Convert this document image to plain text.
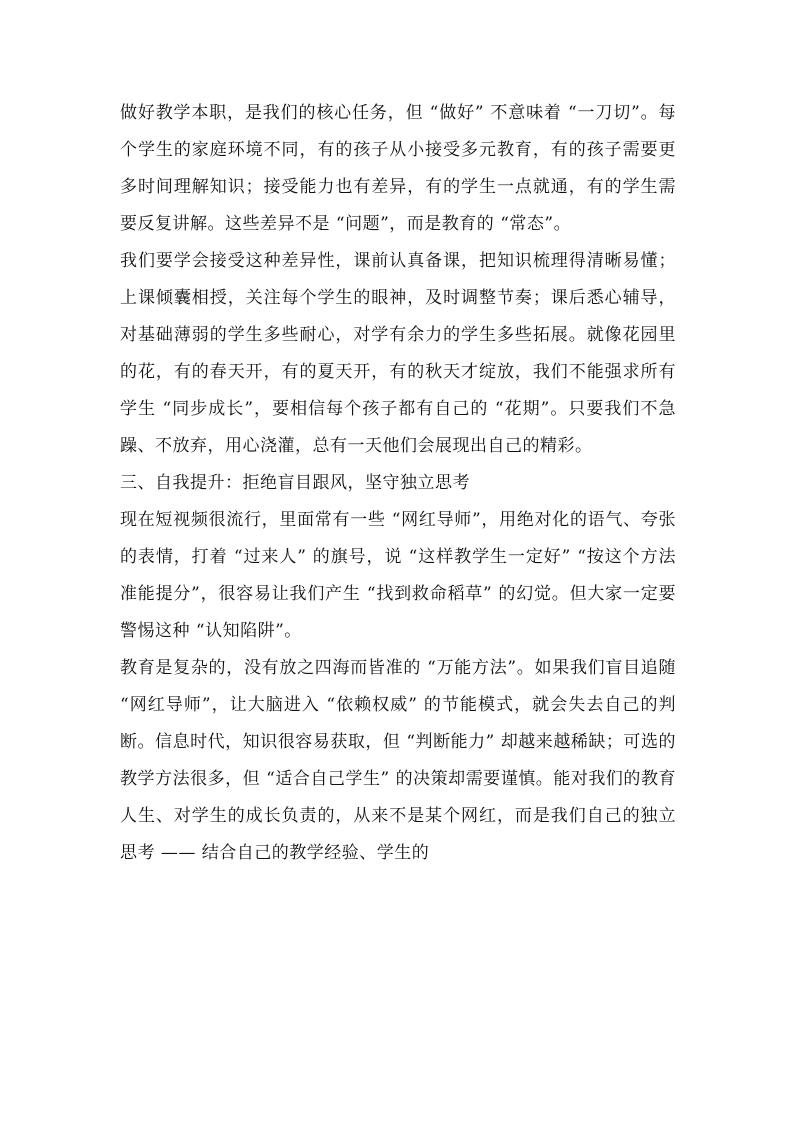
做好教学本职，是我们的核心任务，但 “做好” 不意味着 “一刀切”。每个学生的家庭环境不同，有的孩子从小接受多元教育，有的孩子需要更多时间理解知识；接受能力也有差异，有的学生一点就通，有的学生需要反复讲解。这些差异不是 “问题”，而是教育的 “常态”。

我们要学会接受这种差异性，课前认真备课，把知识梳理得清晰易懂；上课倾囊相授，关注每个学生的眼神，及时调整节奏；课后悉心辅导，对基础薄弱的学生多些耐心，对学有余力的学生多些拓展。就像花园里的花，有的春天开，有的夏天开，有的秋天才绽放，我们不能强求所有学生 “同步成长”，要相信每个孩子都有自己的 “花期”。只要我们不急躁、不放弃，用心浇灌，总有一天他们会展现出自己的精彩。

三、自我提升：拒绝盲目跟风，坚守独立思考

现在短视频很流行，里面常有一些 “网红导师”，用绝对化的语气、夸张的表情，打着 “过来人” 的旗号，说 “这样教学生一定好” “按这个方法准能提分”，很容易让我们产生 “找到救命稻草” 的幻觉。但大家一定要警惕这种 “认知陷阱”。

教育是复杂的，没有放之四海而皆准的 “万能方法”。如果我们盲目追随 “网红导师”，让大脑进入 “依赖权威” 的节能模式，就会失去自己的判断。信息时代，知识很容易获取，但 “判断能力” 却越来越稀缺；可选的教学方法很多，但 “适合自己学生” 的决策却需要谨慎。能对我们的教育人生、对学生的成长负责的，从来不是某个网红，而是我们自己的独立思考 —— 结合自己的教学经验、学生的
